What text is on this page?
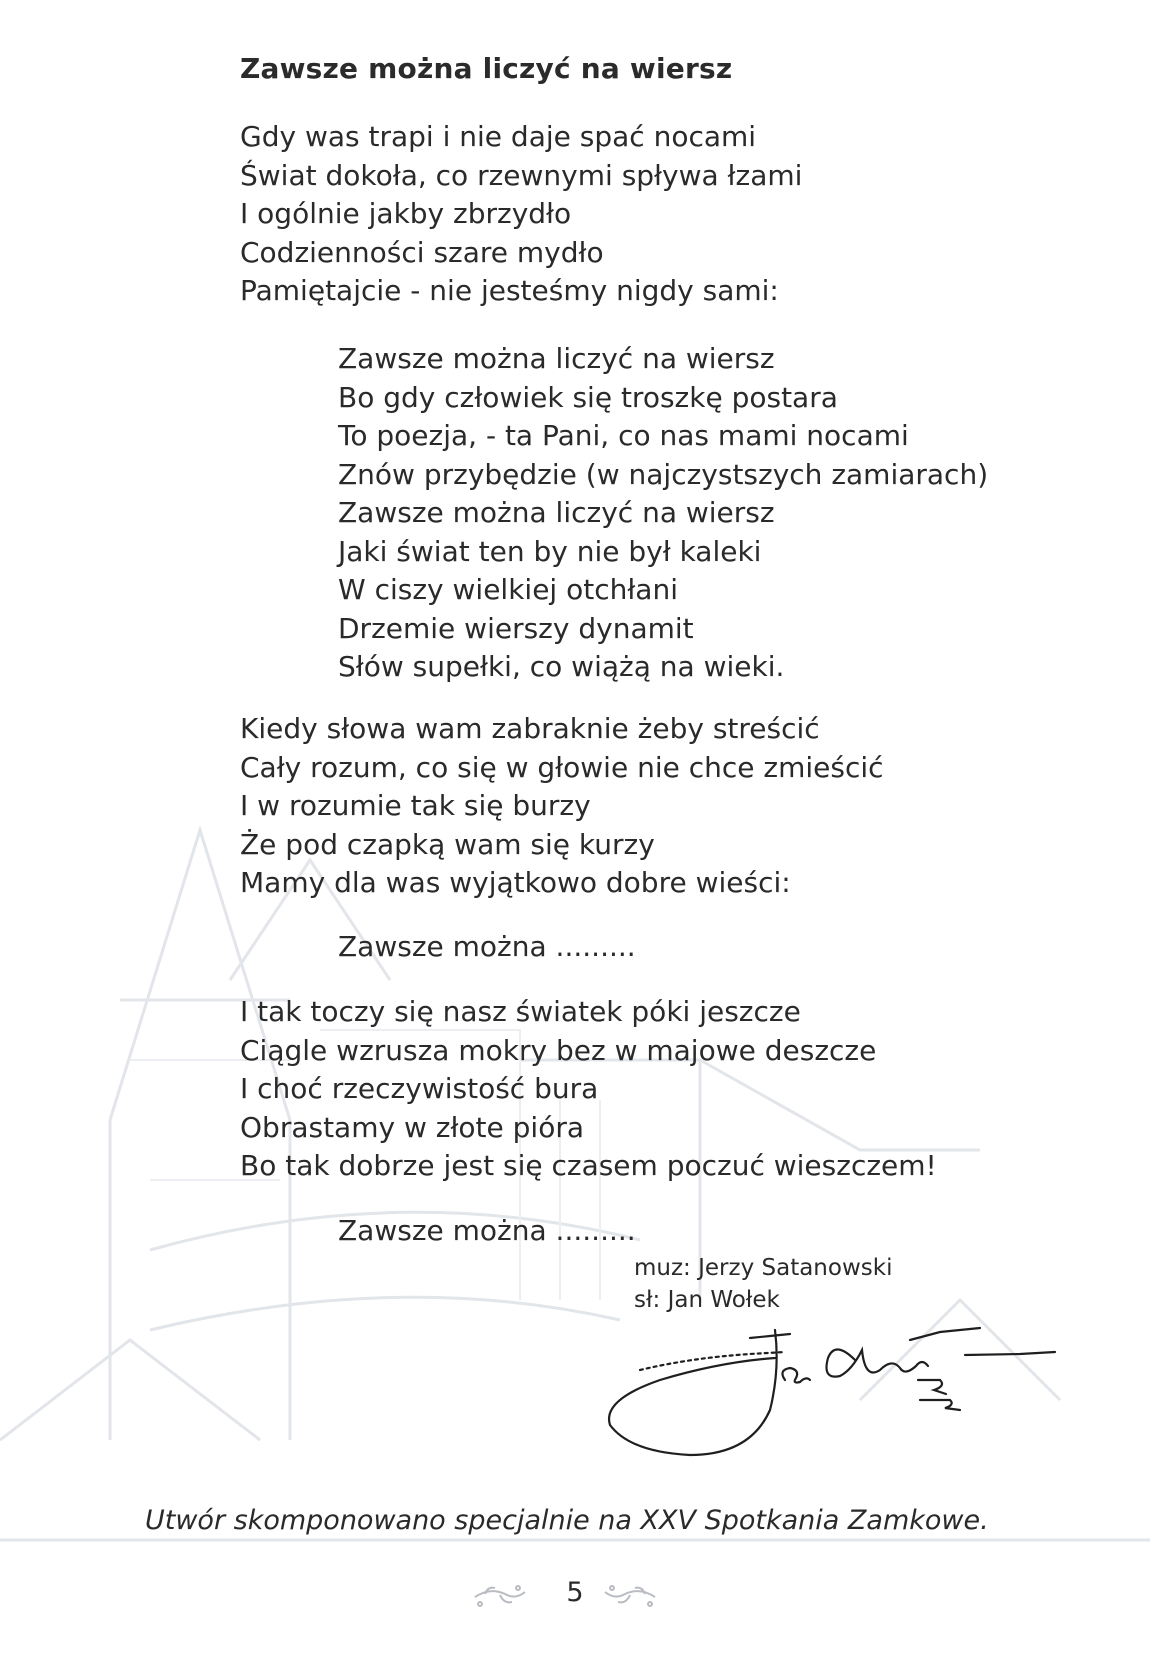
Zawsze można liczyć na wiersz
Gdy was trapi i nie daje spać nocami
Świat dokoła, co rzewnymi spływa łzami
I ogólnie jakby zbrzydło
Codzienności szare mydło
Pamiętajcie - nie jesteśmy nigdy sami:
Zawsze można liczyć na wiersz
Bo gdy człowiek się troszkę postara
To poezja, - ta Pani, co nas mami nocami
Znów przybędzie (w najczystszych zamiarach)
Zawsze można liczyć na wiersz
Jaki świat ten by nie był kaleki
W ciszy wielkiej otchłani
Drzemie wierszy dynamit
Słów supełki, co wiążą na wieki.
Kiedy słowa wam zabraknie żeby streścić
Cały rozum, co się w głowie nie chce zmieścić
I w rozumie tak się burzy
Że pod czapką wam się kurzy
Mamy dla was wyjątkowo dobre wieści:
Zawsze można .........
I tak toczy się nasz światek póki jeszcze
Ciągle wzrusza mokry bez w majowe deszcze
I choć rzeczywistość bura
Obrastamy w złote pióra
Bo tak dobrze jest się czasem poczuć wieszczem!
Zawsze można .........
muz: Jerzy Satanowski
sł: Jan Wołek
Utwór skomponowano specjalnie na XXV Spotkania Zamkowe.
5
